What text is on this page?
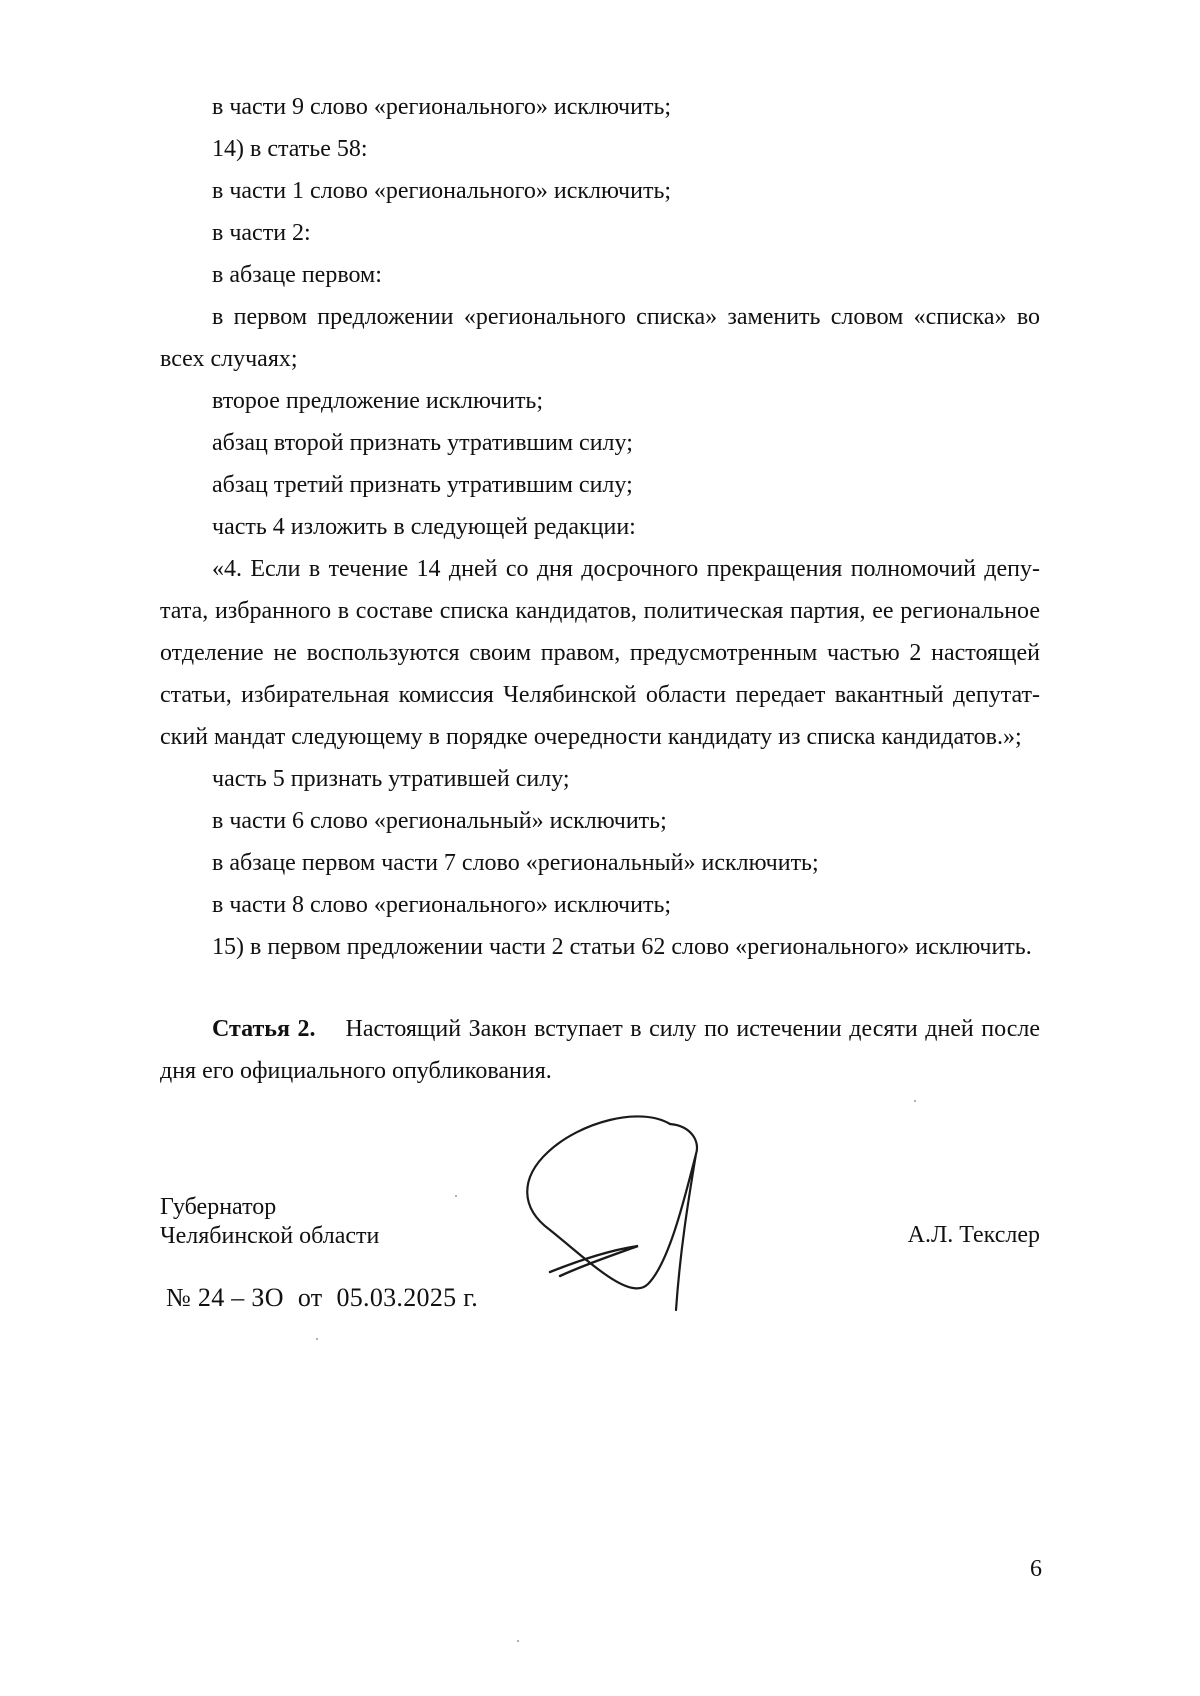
в части 9 слово «регионального» исключить;
14) в статье 58:
в части 1 слово «регионального» исключить;
в части 2:
в абзаце первом:
в первом предложении «регионального списка» заменить словом «списка» во
всех случаях;
второе предложение исключить;
абзац второй признать утратившим силу;
абзац третий признать утратившим силу;
часть 4 изложить в следующей редакции:
«4. Если в течение 14 дней со дня досрочного прекращения полномочий депу-
тата, избранного в составе списка кандидатов, политическая партия, ее региональное
отделение не воспользуются своим правом, предусмотренным частью 2 настоящей
статьи, избирательная комиссия Челябинской области передает вакантный депутат-
ский мандат следующему в порядке очередности кандидату из списка кандидатов.»;
часть 5 признать утратившей силу;
в части 6 слово «региональный» исключить;
в абзаце первом части 7 слово «региональный» исключить;
в части 8 слово «регионального» исключить;
15) в первом предложении части 2 статьи 62 слово «регионального» исключить.
Статья 2. Настоящий Закон вступает в силу по истечении десяти дней после
дня его официального опубликования.
Губернатор
Челябинской области	А.Л. Текслер
№ 24 – ЗО от 05.03.2025 г.
6
